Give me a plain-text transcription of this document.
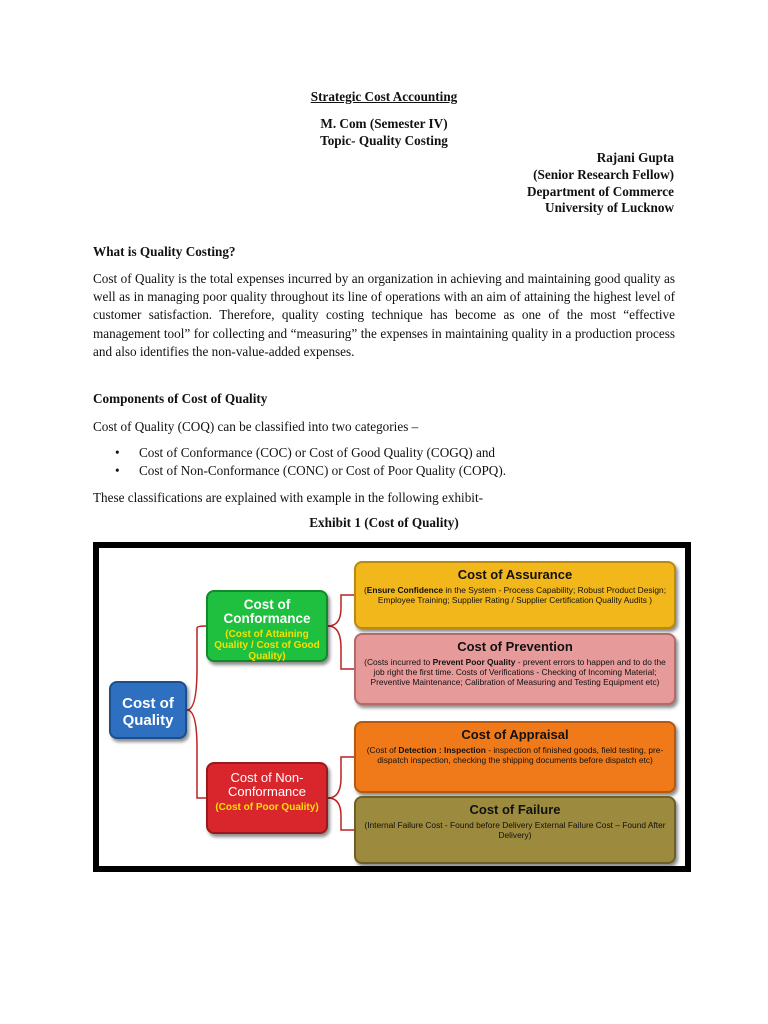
Strategic Cost Accounting
M. Com (Semester IV)
Topic- Quality Costing
Rajani Gupta
(Senior Research Fellow)
Department of Commerce
University of Lucknow
What is Quality Costing?
Cost of Quality is the total expenses incurred by an organization in achieving and maintaining good quality as well as in managing poor quality throughout its line of operations with an aim of attaining the highest level of customer satisfaction. Therefore, quality costing technique has become as one of the most “effective management tool” for collecting and “measuring” the expenses in maintaining quality in a production process and also identifies the non-value-added expenses.
Components of Cost of Quality
Cost of Quality (COQ) can be classified into two categories –
• Cost of Conformance (COC) or Cost of Good Quality (COGQ) and
• Cost of Non-Conformance (CONC) or Cost of Poor Quality (COPQ).
These classifications are explained with example in the following exhibit-
Exhibit 1 (Cost of Quality)
Cost of Quality
Cost of Conformance
(Cost of Attaining Quality / Cost of Good Quality)
Cost of Non-Conformance
(Cost of Poor Quality)
Cost of Assurance
(Ensure Confidence in the System - Process Capability; Robust Product Design; Employee Training; Supplier Rating / Supplier Certification Quality Audits )
Cost of Prevention
(Costs incurred to Prevent Poor Quality - prevent errors to happen and to do the job right the first time. Costs of Verifications - Checking of Incoming Material; Preventive Maintenance; Calibration of Measuring and Testing Equipment etc)
Cost of Appraisal
(Cost of Detection : Inspection - inspection of finished goods, field testing, pre-dispatch inspection, checking the shipping documents before dispatch etc)
Cost of Failure
(Internal Failure Cost - Found before Delivery External Failure Cost – Found After Delivery)
